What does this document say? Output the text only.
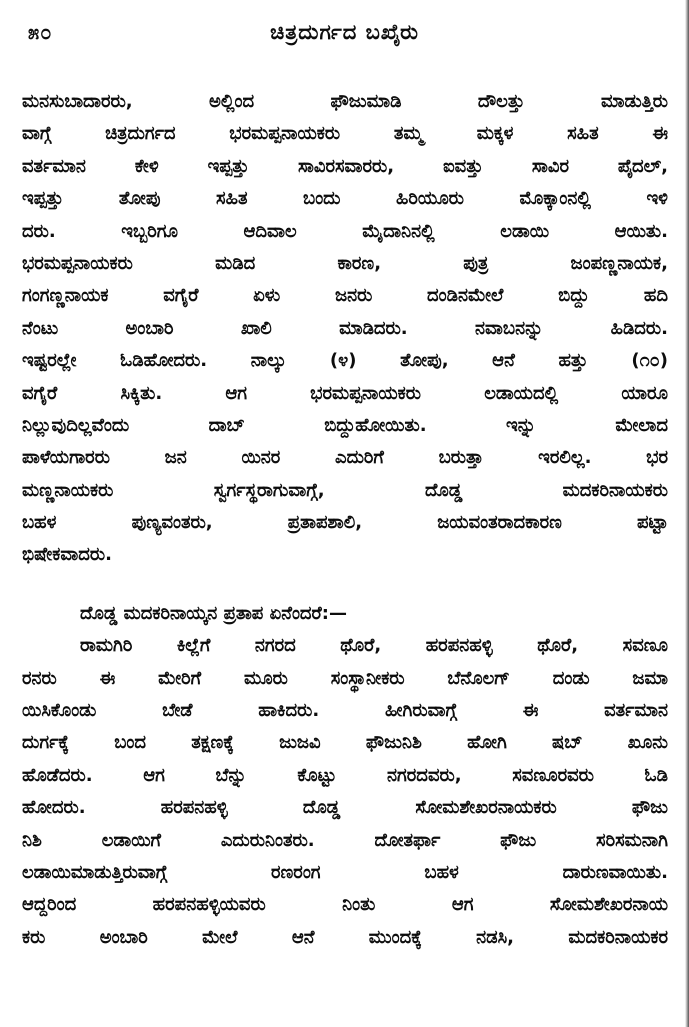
೫೦	ಚಿತ್ರದುರ್ಗದ ಬಖೈರು
ಮನಸುಬಾದಾರರು, ಅಲ್ಲಿಂದ ಫೌಜುಮಾಡಿ ದೌಲತ್ತು ಮಾಡುತ್ತಿರು
ವಾಗ್ಗೆ ಚಿತ್ರದುರ್ಗದ ಭರಮಪ್ಪನಾಯಕರು ತಮ್ಮ ಮಕ್ಕಳ ಸಹಿತ ಈ
ವರ್ತಮಾನ ಕೇಳಿ ಇಪ್ಪತ್ತು ಸಾವಿರಸವಾರರು, ಐವತ್ತು ಸಾವಿರ ಪೈದಲ್,
ಇಪ್ಪತ್ತು ತೋಪು ಸಹಿತ ಬಂದು ಹಿರಿಯೂರು ಮೊಕ್ಕಾಂನಲ್ಲಿ ಇಳಿ
ದರು. ಇಬ್ಬರಿಗೂ ಆದಿವಾಲ ಮೈದಾನಿನಲ್ಲಿ ಲಡಾಯಿ ಆಯಿತು.
ಭರಮಪ್ಪನಾಯಕರು ಮಡಿದ ಕಾರಣ, ಪುತ್ರ ಜಂಪಣ್ಣನಾಯಕ,
ಗಂಗಣ್ಣನಾಯಕ ವಗೈರೆ ಏಳು ಜನರು ದಂಡಿನಮೇಲೆ ಬಿದ್ದು ಹದಿ
ನೆಂಟು ಅಂಬಾರಿ ಖಾಲಿ ಮಾಡಿದರು. ನವಾಬನನ್ನು ಹಿಡಿದರು.
ಇಷ್ಟರಲ್ಲೇ ಓಡಿಹೋದರು. ನಾಲ್ಕು (೪) ತೋಪು, ಆನೆ ಹತ್ತು (೧೦)
ವಗೈರೆ ಸಿಕ್ಕಿತು. ಆಗ ಭರಮಪ್ಪನಾಯಕರು ಲಡಾಯದಲ್ಲಿ ಯಾರೂ
ನಿಲ್ಲುವುದಿಲ್ಲವೆಂದು ದಾಬ್ ಬಿದ್ದುಹೋಯಿತು. ಇನ್ನು ಮೇಲಾದ
ಪಾಳೆಯಗಾರರು ಜನ ಯಿನರ ಎದುರಿಗೆ ಬರುತ್ತಾ ಇರಲಿಲ್ಲ. ಭರ
ಮಣ್ಣನಾಯಕರು ಸ್ವರ್ಗಸ್ಥರಾಗುವಾಗ್ಗೆ, ದೊಡ್ಡ ಮದಕರಿನಾಯಕರು
ಬಹಳ ಪುಣ್ಯವಂತರು, ಪ್ರತಾಪಶಾಲಿ, ಜಯವಂತರಾದಕಾರಣ ಪಟ್ಟಾ
ಭಿಷೇಕವಾದರು.
ದೊಡ್ಡ ಮದಕರಿನಾಯ್ಕನ ಪ್ರತಾಪ ಏನೆಂದರೆ:—
ರಾಮಗಿರಿ ಕಿಲ್ಲೆಗೆ ನಗರದ ಥೊರೆ, ಹರಪನಹಳ್ಳಿ ಥೊರೆ, ಸವಣೂ
ರನರು ಈ ಮೇರಿಗೆ ಮೂರು ಸಂಸ್ಥಾನೀಕರು ಬೆನೊಲಗ್ ದಂಡು ಜಮಾ
ಯಿಸಿಕೊಂಡು ಬೇಡೆ ಹಾಕಿದರು. ಹೀಗಿರುವಾಗ್ಗೆ ಈ ವರ್ತಮಾನ
ದುರ್ಗಕ್ಕೆ ಬಂದ ತಕ್ಷಣಕ್ಕೆ ಜುಜವಿ ಫೌಜುನಿಶಿ ಹೋಗಿ ಷಬ್ ಖೂನು
ಹೊಡೆದರು. ಆಗ ಬೆನ್ನು ಕೊಟ್ಟು ನಗರದವರು, ಸವಣೂರವರು ಓಡಿ
ಹೋದರು. ಹರಪನಹಳ್ಳಿ ದೊಡ್ಡ ಸೋಮಶೇಖರನಾಯಕರು ಫೌಜು
ನಿಶಿ ಲಡಾಯಿಗೆ ಎದುರುನಿಂತರು. ದೋತರ್ಫಾ ಫೌಜು ಸರಿಸಮನಾಗಿ
ಲಡಾಯಿಮಾಡುತ್ತಿರುವಾಗ್ಗೆ ರಣರಂಗ ಬಹಳ ದಾರುಣವಾಯಿತು.
ಆದ್ದರಿಂದ ಹರಪನಹಳ್ಳಿಯವರು ನಿಂತು ಆಗ ಸೋಮಶೇಖರನಾಯ
ಕರು ಅಂಬಾರಿ ಮೇಲೆ ಆನೆ ಮುಂದಕ್ಕೆ ನಡಸಿ, ಮದಕರಿನಾಯಕರ
